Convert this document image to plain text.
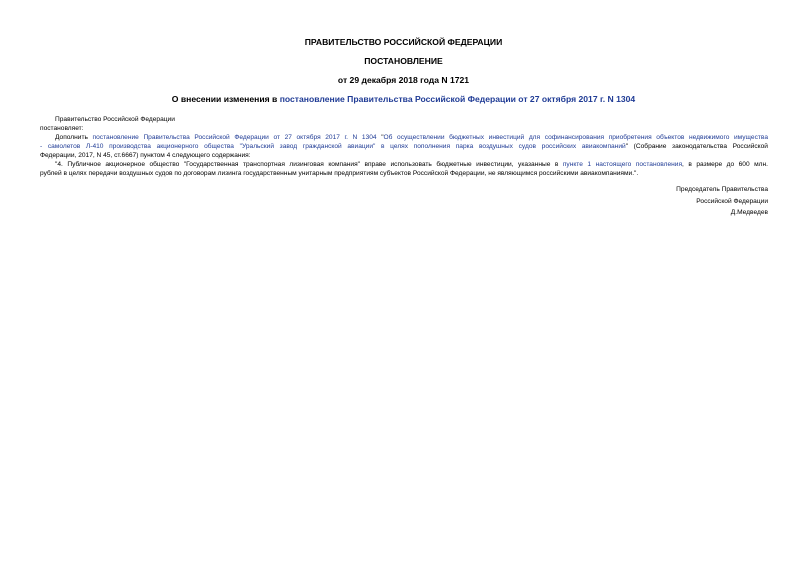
ПРАВИТЕЛЬСТВО РОССИЙСКОЙ ФЕДЕРАЦИИ
ПОСТАНОВЛЕНИЕ
от 29 декабря 2018 года N 1721
О внесении изменения в постановление Правительства Российской Федерации от 27 октября 2017 г. N 1304
Правительство Российской Федерации
постановляет:
Дополнить постановление Правительства Российской Федерации от 27 октября 2017 г. N 1304 "Об осуществлении бюджетных инвестиций для софинансирования приобретения объектов недвижимого имущества
- самолетов Л-410 производства акционерного общества "Уральский завод гражданской авиации" в целях пополнения парка воздушных судов российских авиакомпаний" (Собрание законодательства Российской
Федерации, 2017, N 45, ст.6667) пунктом 4 следующего содержания:
"4. Публичное акционерное общество "Государственная транспортная лизинговая компания" вправе использовать бюджетные инвестиции, указанные в пункте 1 настоящего постановления, в размере до 600 млн.
рублей в целях передачи воздушных судов по договорам лизинга государственным унитарным предприятиям субъектов Российской Федерации, не являющимся российскими авиакомпаниями.".
Председатель Правительства
Российской Федерации
Д.Медведев
